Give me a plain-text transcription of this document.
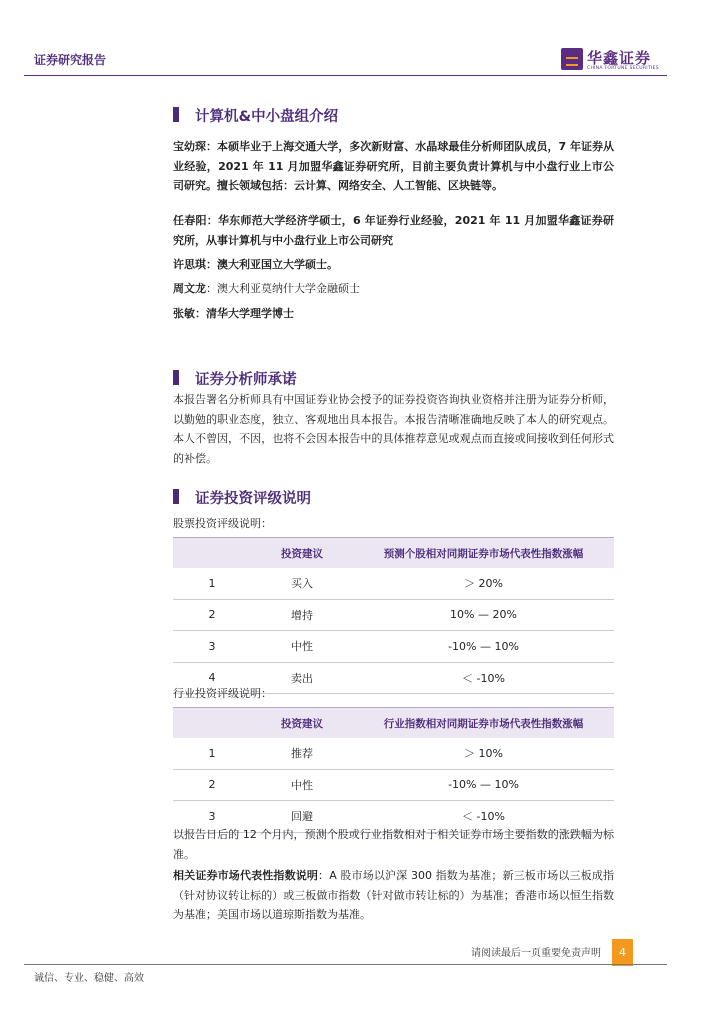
证券研究报告	华鑫证券
CHINA FORTUNE SECURITIES
计算机&中小盘组介绍

宝幼琛：本硕毕业于上海交通大学，多次新财富、水晶球最佳分析师团队成员，7 年证券从业经验，2021 年 11 月加盟华鑫证券研究所，目前主要负责计算机与中小盘行业上市公司研究。擅长领域包括：云计算、网络安全、人工智能、区块链等。

任春阳：华东师范大学经济学硕士，6 年证券行业经验，2021 年 11 月加盟华鑫证券研究所，从事计算机与中小盘行业上市公司研究

许思琪：澳大利亚国立大学硕士。

周文龙：澳大利亚莫纳什大学金融硕士

张敏：清华大学理学博士

证券分析师承诺

本报告署名分析师具有中国证券业协会授予的证券投资咨询执业资格并注册为证券分析师，以勤勉的职业态度，独立、客观地出具本报告。本报告清晰准确地反映了本人的研究观点。本人不曾因，不因，也将不会因本报告中的具体推荐意见或观点而直接或间接收到任何形式的补偿。

证券投资评级说明
股票投资评级说明：
	投资建议	预测个股相对同期证券市场代表性指数涨幅
1	买入	＞ 20%
2	增持	10% — 20%
3	中性	-10% — 10%
4	卖出	＜ -10%
行业投资评级说明：
	投资建议	行业指数相对同期证券市场代表性指数涨幅
1	推荐	＞ 10%
2	中性	-10% — 10%
3	回避	＜ -10%

以报告日后的 12 个月内，预测个股或行业指数相对于相关证券市场主要指数的涨跌幅为标准。

相关证券市场代表性指数说明：A 股市场以沪深 300 指数为基准；新三板市场以三板成指（针对协议转让标的）或三板做市指数（针对做市转让标的）为基准；香港市场以恒生指数为基准；美国市场以道琼斯指数为基准。

请阅读最后一页重要免责声明	4
诚信、专业、稳健、高效
